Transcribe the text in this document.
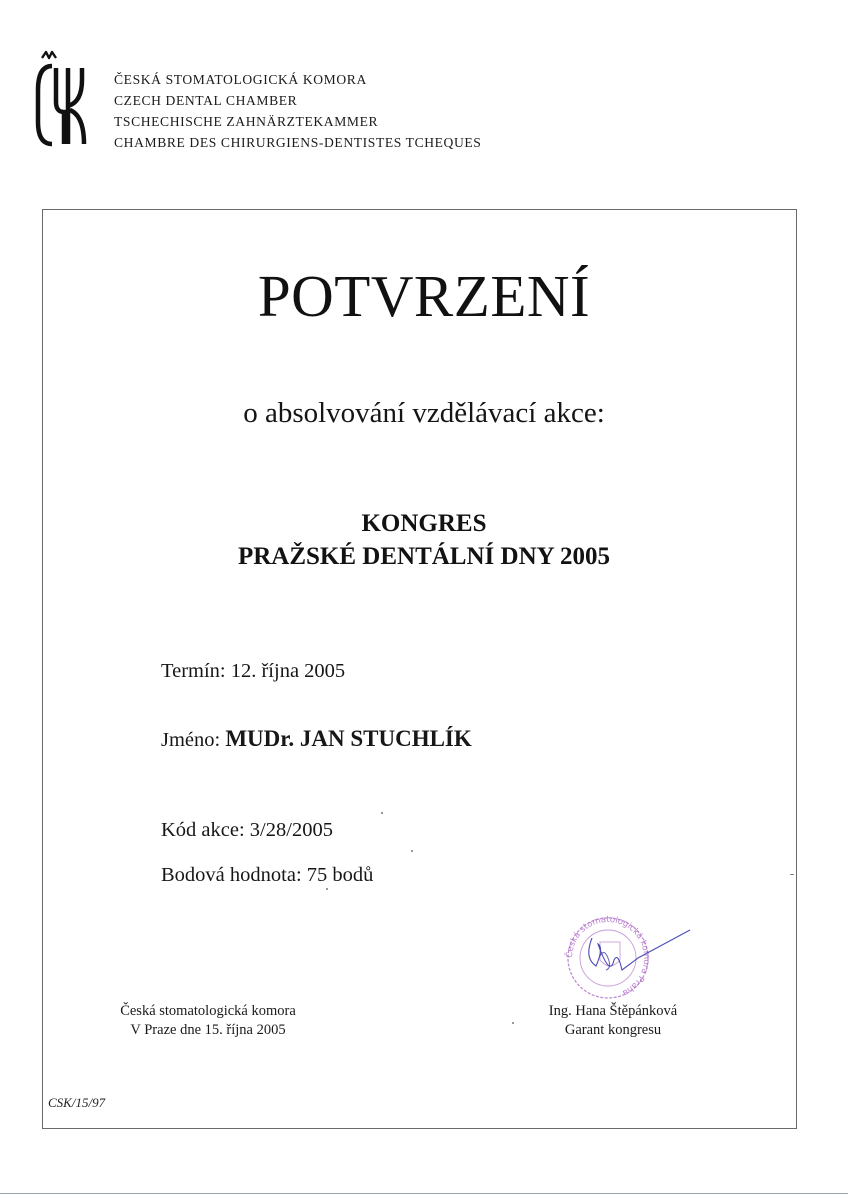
ČESKÁ STOMATOLOGICKÁ KOMORA
CZECH DENTAL CHAMBER
TSCHECHISCHE ZAHNÄRZTEKAMMER
CHAMBRE DES CHIRURGIENS-DENTISTES TCHEQUES
POTVRZENÍ
o absolvování vzdělávací akce:
KONGRES
PRAŽSKÉ DENTÁLNÍ DNY 2005
Termín: 12. října 2005
Jméno: MUDr. JAN STUCHLÍK
Kód akce: 3/28/2005
Bodová hodnota: 75 bodů
Česká stomatologická komora
V Praze dne 15. října 2005
Česká stomatologická komora Praha
Ing. Hana Štěpánková
Garant kongresu
CSK/15/97
